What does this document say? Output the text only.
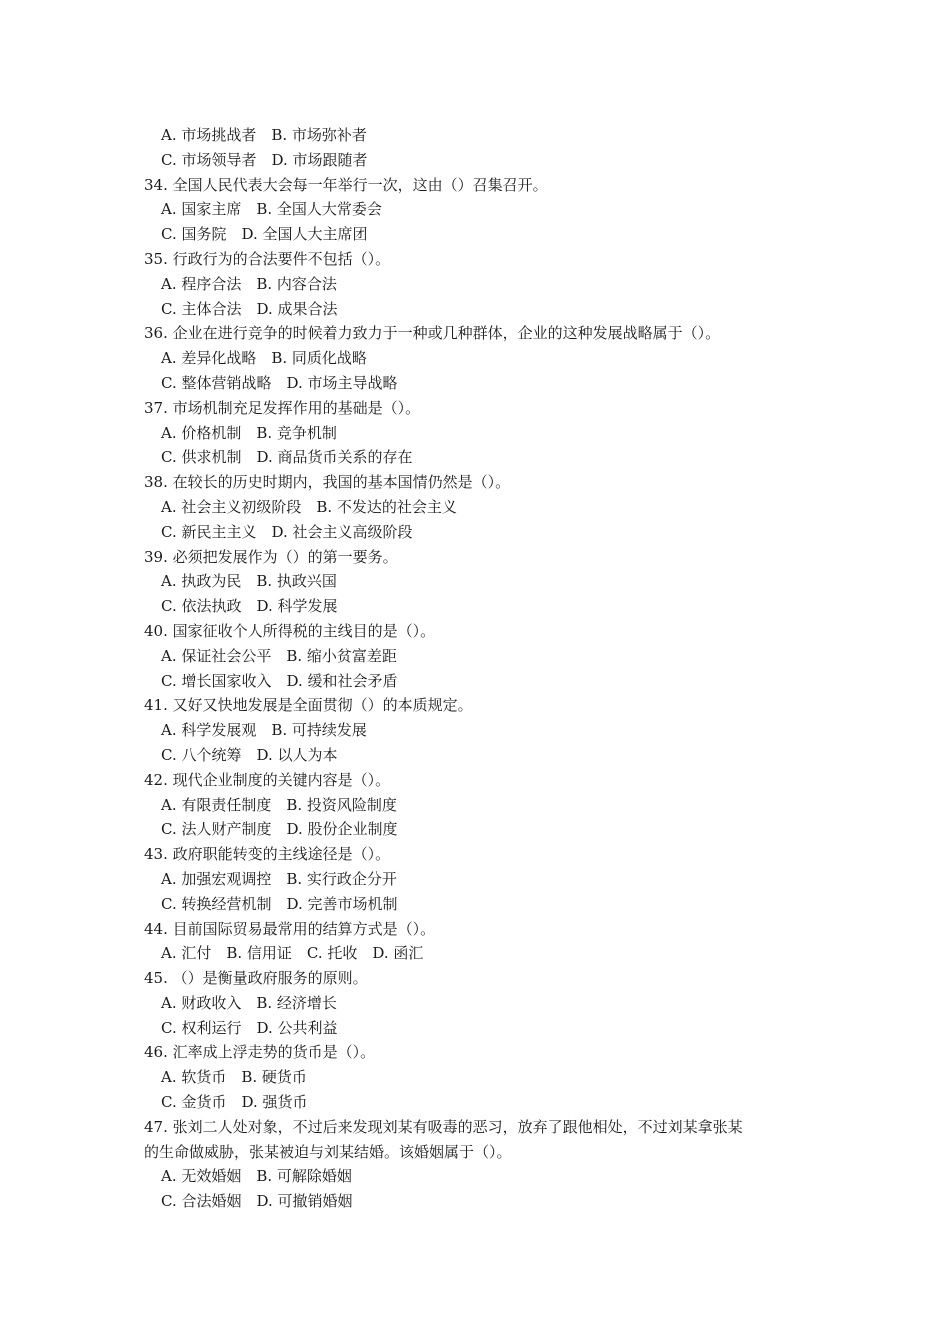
A. 市场挑战者　B. 市场弥补者
C. 市场领导者　D. 市场跟随者
34. 全国人民代表大会每一年举行一次，这由（）召集召开。
A. 国家主席　B. 全国人大常委会
C. 国务院　D. 全国人大主席团
35. 行政行为的合法要件不包括（）。
A. 程序合法　B. 内容合法
C. 主体合法　D. 成果合法
36. 企业在进行竞争的时候着力致力于一种或几种群体，企业的这种发展战略属于（）。
A. 差异化战略　B. 同质化战略
C. 整体营销战略　D. 市场主导战略
37. 市场机制充足发挥作用的基础是（）。
A. 价格机制　B. 竞争机制
C. 供求机制　D. 商品货币关系的存在
38. 在较长的历史时期内，我国的基本国情仍然是（）。
A. 社会主义初级阶段　B. 不发达的社会主义
C. 新民主主义　D. 社会主义高级阶段
39. 必须把发展作为（）的第一要务。
A. 执政为民　B. 执政兴国
C. 依法执政　D. 科学发展
40. 国家征收个人所得税的主线目的是（）。
A. 保证社会公平　B. 缩小贫富差距
C. 增长国家收入　D. 缓和社会矛盾
41. 又好又快地发展是全面贯彻（）的本质规定。
A. 科学发展观　B. 可持续发展
C. 八个统筹　D. 以人为本
42. 现代企业制度的关键内容是（）。
A. 有限责任制度　B. 投资风险制度
C. 法人财产制度　D. 股份企业制度
43. 政府职能转变的主线途径是（）。
A. 加强宏观调控　B. 实行政企分开
C. 转换经营机制　D. 完善市场机制
44. 目前国际贸易最常用的结算方式是（）。
A. 汇付　B. 信用证　C. 托收　D. 函汇
45. （）是衡量政府服务的原则。
A. 财政收入　B. 经济增长
C. 权利运行　D. 公共利益
46. 汇率成上浮走势的货币是（）。
A. 软货币　B. 硬货币
C. 金货币　D. 强货币
47. 张刘二人处对象，不过后来发现刘某有吸毒的恶习，放弃了跟他相处，不过刘某拿张某
的生命做威胁，张某被迫与刘某结婚。该婚姻属于（）。
A. 无效婚姻　B. 可解除婚姻
C. 合法婚姻　D. 可撤销婚姻
